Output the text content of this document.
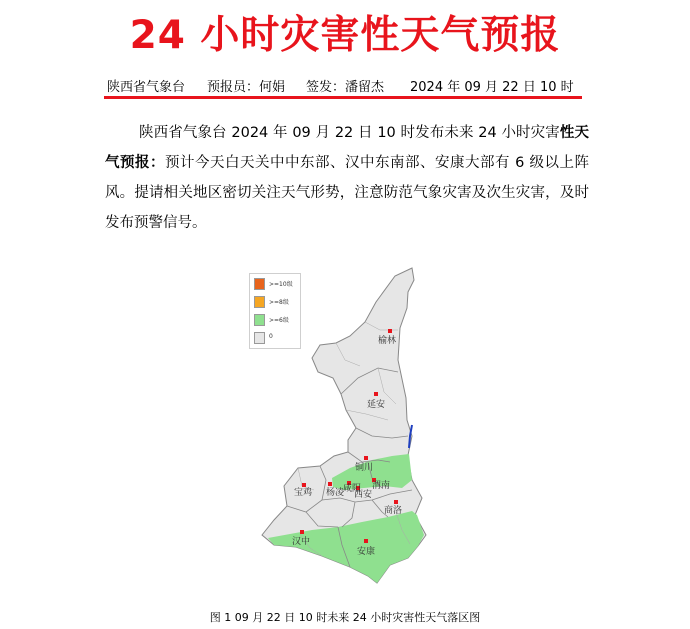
24 小时灾害性天气预报
陕西省气象台 预报员：何娟 签发：潘留杰 2024 年 09 月 22 日 10 时

陕西省气象台 2024 年 09 月 22 日 10 时发布未来 24 小时灾害性天气预报：预计今天白天关中中东部、汉中东南部、安康大部有 6 级以上阵风。提请相关地区密切关注天气形势，注意防范气象灾害及次生灾害，及时发布预警信号。

榆林
延安
铜川
宝鸡 杨凌
咸阳 渭南
西安
商洛
汉中
安康
>=10级
>=8级
>=6级
0
图 1 09 月 22 日 10 时未来 24 小时灾害性天气落区图
